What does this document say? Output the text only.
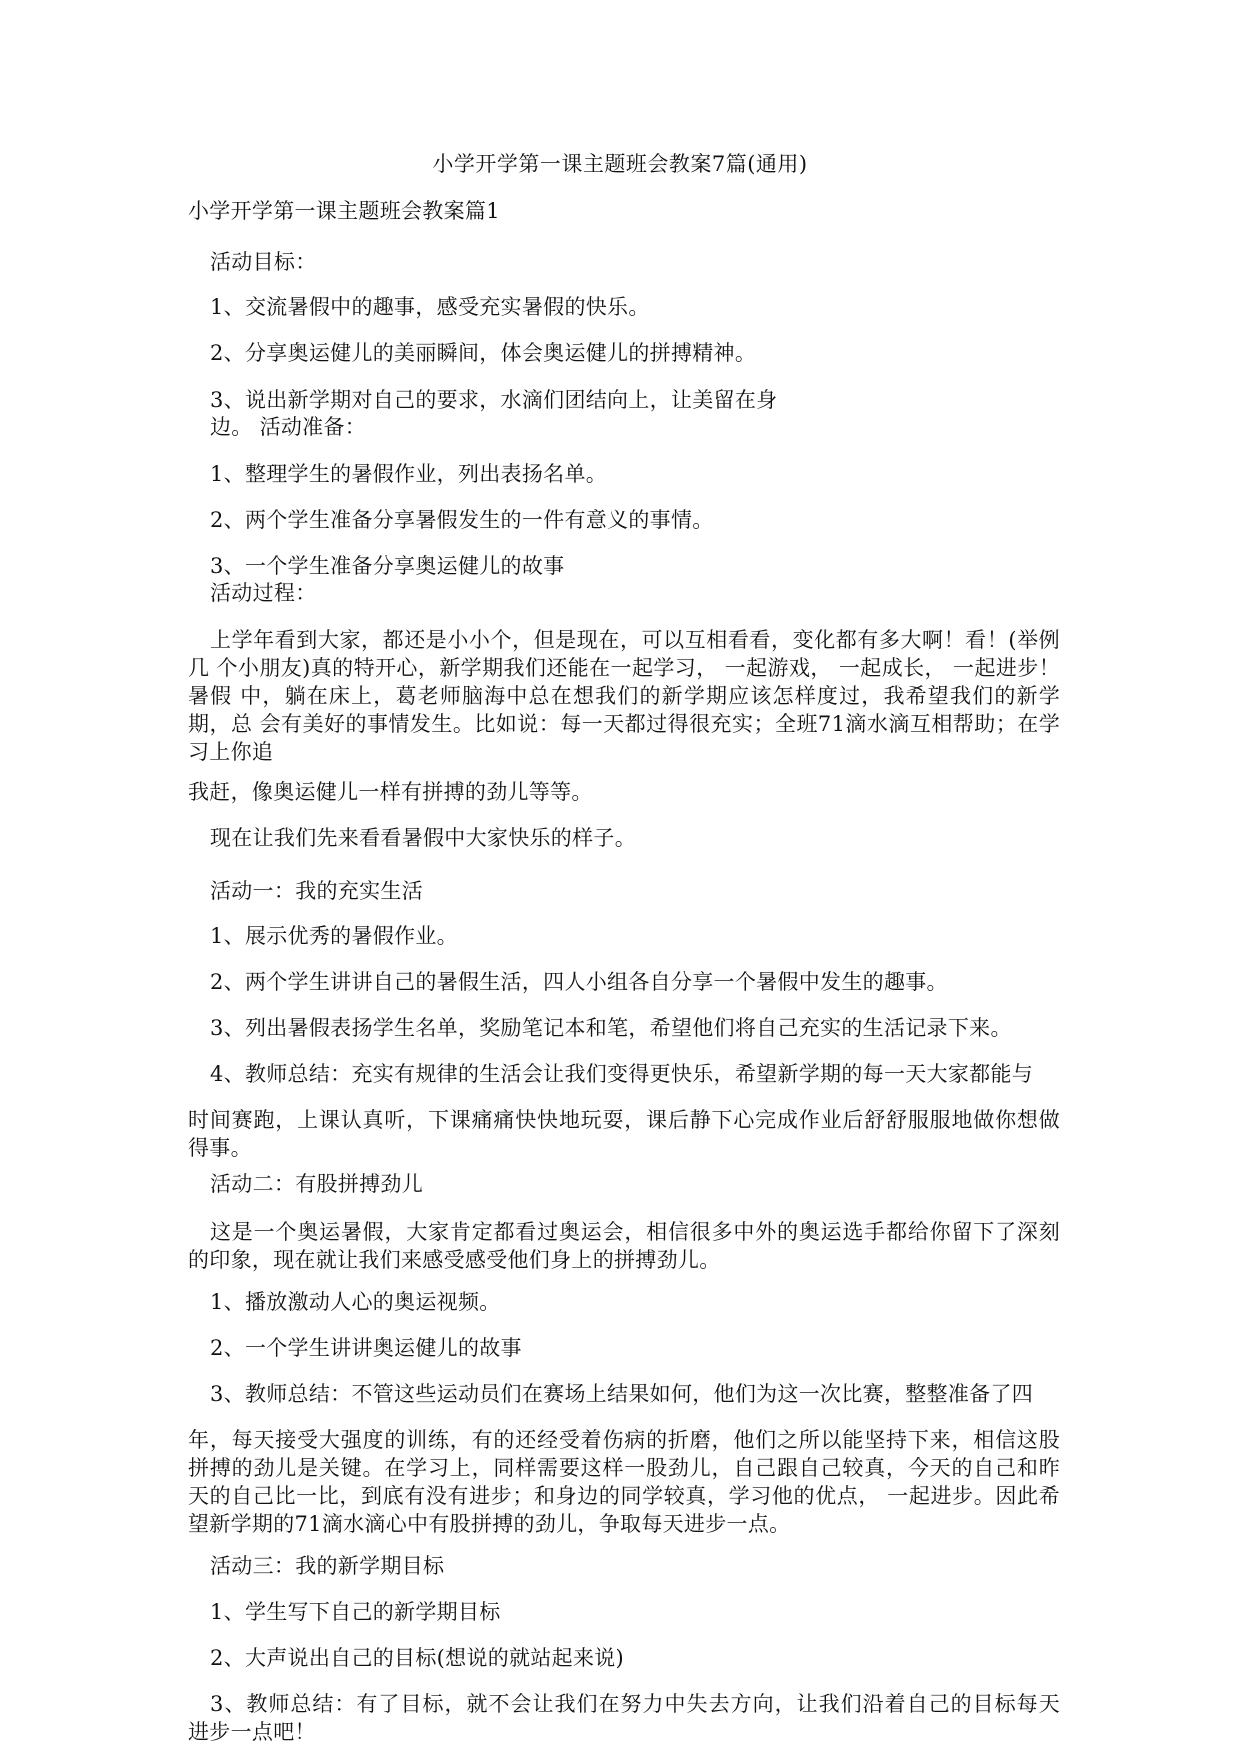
小学开学第一课主题班会教案7篇(通用)
小学开学第一课主题班会教案篇1
活动目标：
1、交流暑假中的趣事，感受充实暑假的快乐。
2、分享奥运健儿的美丽瞬间，体会奥运健儿的拼搏精神。
3、说出新学期对自己的要求，水滴们团结向上，让美留在身
边。 活动准备：
1、整理学生的暑假作业，列出表扬名单。
2、两个学生准备分享暑假发生的一件有意义的事情。
3、一个学生准备分享奥运健儿的故事
活动过程：
上学年看到大家，都还是小小个，但是现在，可以互相看看，变化都有多大啊！看！(举例几 个小朋友)真的特开心，新学期我们还能在一起学习， 一起游戏， 一起成长， 一起进步！暑假 中，躺在床上，葛老师脑海中总在想我们的新学期应该怎样度过，我希望我们的新学期，总 会有美好的事情发生。比如说：每一天都过得很充实；全班71滴水滴互相帮助；在学习上你追
我赶，像奥运健儿一样有拼搏的劲儿等等。
现在让我们先来看看暑假中大家快乐的样子。
活动一：我的充实生活
1、展示优秀的暑假作业。
2、两个学生讲讲自己的暑假生活，四人小组各自分享一个暑假中发生的趣事。
3、列出暑假表扬学生名单，奖励笔记本和笔，希望他们将自己充实的生活记录下来。
4、教师总结：充实有规律的生活会让我们变得更快乐，希望新学期的每一天大家都能与
时间赛跑，上课认真听，下课痛痛快快地玩耍，课后静下心完成作业后舒舒服服地做你想做得事。
活动二：有股拼搏劲儿
这是一个奥运暑假，大家肯定都看过奥运会，相信很多中外的奥运选手都给你留下了深刻 的印象，现在就让我们来感受感受他们身上的拼搏劲儿。
1、播放激动人心的奥运视频。
2、一个学生讲讲奥运健儿的故事
3、教师总结：不管这些运动员们在赛场上结果如何，他们为这一次比赛，整整准备了四
年，每天接受大强度的训练，有的还经受着伤病的折磨，他们之所以能坚持下来，相信这股拼搏的劲儿是关键。在学习上，同样需要这样一股劲儿，自己跟自己较真，今天的自己和昨天的自己比一比，到底有没有进步；和身边的同学较真，学习他的优点， 一起进步。因此希望新学期的71滴水滴心中有股拼搏的劲儿，争取每天进步一点。
活动三：我的新学期目标
1、学生写下自己的新学期目标
2、大声说出自己的目标(想说的就站起来说)
3、教师总结：有了目标，就不会让我们在努力中失去方向，让我们沿着自己的目标每天 进步一点吧！
